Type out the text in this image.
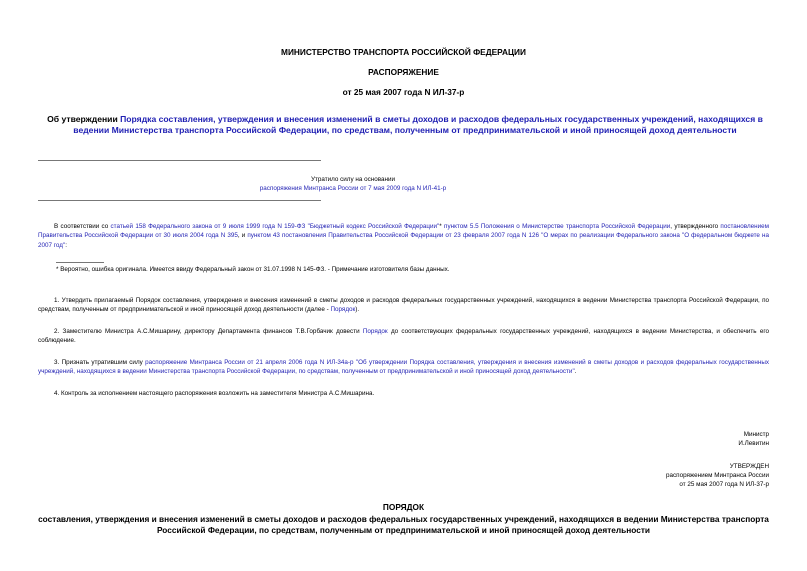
МИНИСТЕРСТВО ТРАНСПОРТА РОССИЙСКОЙ ФЕДЕРАЦИИ
РАСПОРЯЖЕНИЕ
от 25 мая 2007 года N ИЛ-37-р
Об утверждении Порядка составления, утверждения и внесения изменений в сметы доходов и расходов федеральных государственных учреждений, находящихся в ведении Министерства транспорта Российской Федерации, по средствам, полученным от предпринимательской и иной приносящей доход деятельности
Утратило силу на основании
распоряжения Минтранса России от 7 мая 2009 года N ИЛ-41-р
В соответствии со статьей 158 Федерального закона от 9 июля 1999 года N 159-ФЗ "Бюджетный кодекс Российской Федерации"* пунктом 5.5 Положения о Министерстве транспорта Российской Федерации, утвержденного постановлением Правительства Российской Федерации от 30 июля 2004 года N 395, и пунктом 43 постановления Правительства Российской Федерации от 23 февраля 2007 года N 126 "О мерах по реализации Федерального закона "О федеральном бюджете на 2007 год":
* Вероятно, ошибка оригинала. Имеется ввиду Федеральный закон от 31.07.1998 N 145-ФЗ. - Примечание изготовителя базы данных.
1. Утвердить прилагаемый Порядок составления, утверждения и внесения изменений в сметы доходов и расходов федеральных государственных учреждений, находящихся в ведении Министерства транспорта Российской Федерации, по средствам, полученным от предпринимательской и иной приносящей доход деятельности (далее - Порядок).
2. Заместителю Министра А.С.Мишарину, директору Департамента финансов Т.В.Горбачик довести Порядок до соответствующих федеральных государственных учреждений, находящихся в ведении Министерства, и обеспечить его соблюдение.
3. Признать утратившим силу распоряжение Минтранса России от 21 апреля 2006 года N ИЛ-34а-р "Об утверждении Порядка составления, утверждения и внесения изменений в сметы доходов и расходов федеральных государственных учреждений, находящихся в ведении Министерства транспорта Российской Федерации, по средствам, полученным от предпринимательской и иной приносящей доход деятельности".
4. Контроль за исполнением настоящего распоряжения возложить на заместителя Министра А.С.Мишарина.
Министр
И.Левитин
УТВЕРЖДЕН
распоряжением Минтранса России
от 25 мая 2007 года N ИЛ-37-р
ПОРЯДОК
составления, утверждения и внесения изменений в сметы доходов и расходов федеральных государственных учреждений, находящихся в ведении Министерства транспорта Российской Федерации, по средствам, полученным от предпринимательской и иной приносящей доход деятельности
